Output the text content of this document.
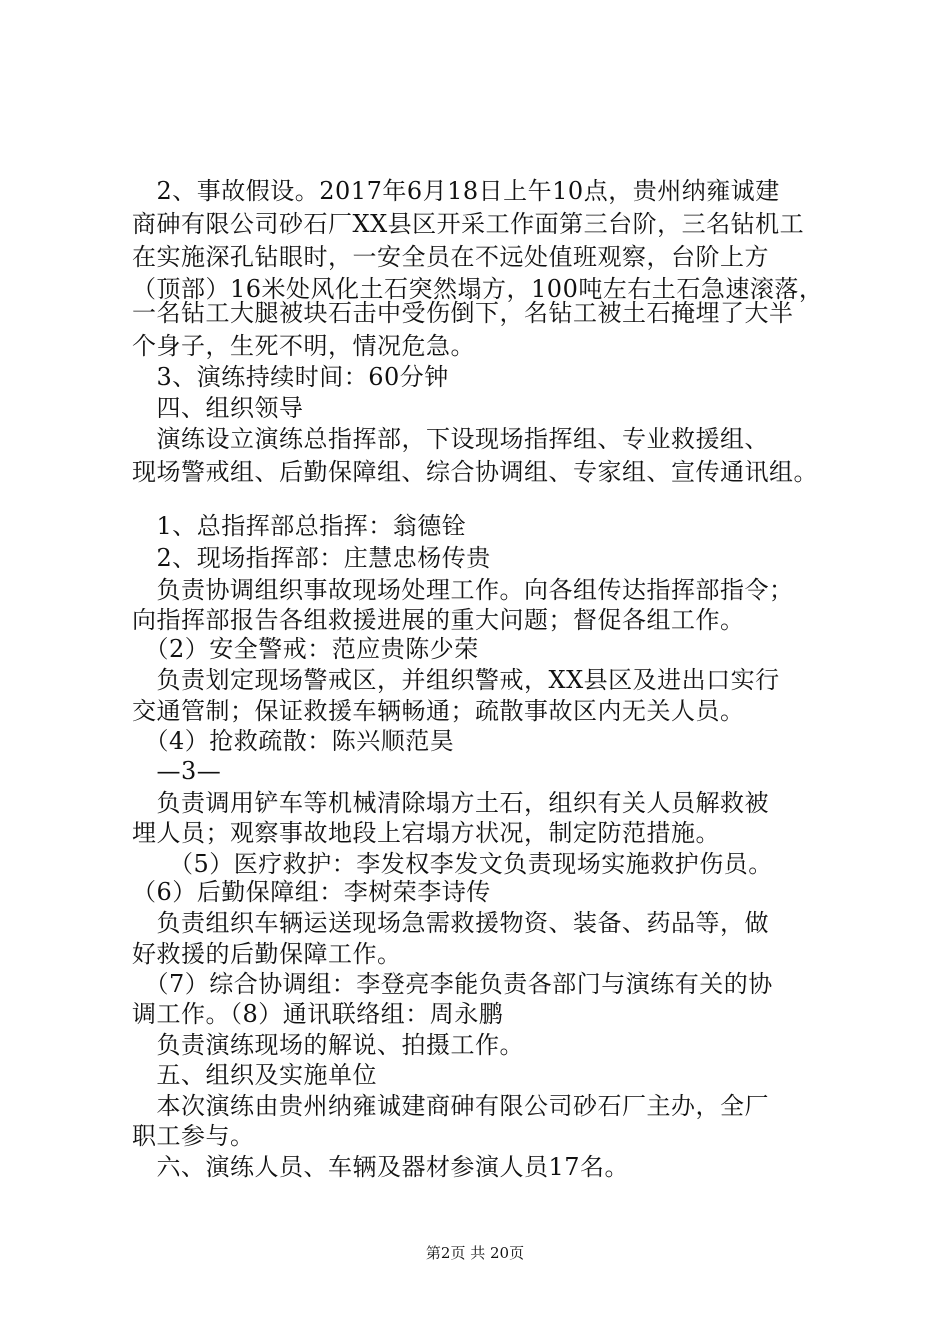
　2、事故假设。2017年6月18日上午10点，贵州纳雍诚建
商砷有限公司砂石厂XX县区开采工作面第三台阶，三名钻机工
在实施深孔钻眼时，一安全员在不远处值班观察，台阶上方
（顶部）16米处风化土石突然塌方，100吨左右土石急速滚落，
一名钻工大腿被块石击中受伤倒下，名钻工被土石掩埋了大半
个身子，生死不明，情况危急。
　3、演练持续时间：60分钟
　四、组织领导
　演练设立演练总指挥部，下设现场指挥组、专业救援组、
现场警戒组、后勤保障组、综合协调组、专家组、宣传通讯组。
　1、总指挥部总指挥：翁德铨
　2、现场指挥部：庄慧忠杨传贵
　负责协调组织事故现场处理工作。向各组传达指挥部指令；
向指挥部报告各组救援进展的重大问题；督促各组工作。
　（2）安全警戒：范应贵陈少荣
　负责划定现场警戒区，并组织警戒，XX县区及进出口实行
交通管制；保证救援车辆畅通；疏散事故区内无关人员。
　（4）抢救疏散：陈兴顺范昊
　—3—
　负责调用铲车等机械清除塌方土石，组织有关人员解救被
埋人员；观察事故地段上宕塌方状况，制定防范措施。
　　（5）医疗救护：李发权李发文负责现场实施救护伤员。
（6）后勤保障组：李树荣李诗传
　负责组织车辆运送现场急需救援物资、装备、药品等，做
好救援的后勤保障工作。
　（7）综合协调组：李登亮李能负责各部门与演练有关的协
调工作。（8）通讯联络组：周永鹏
　负责演练现场的解说、拍摄工作。
　五、组织及实施单位
　本次演练由贵州纳雍诚建商砷有限公司砂石厂主办，全厂
职工参与。
　六、演练人员、车辆及器材参演人员17名。
第2页 共 20页
